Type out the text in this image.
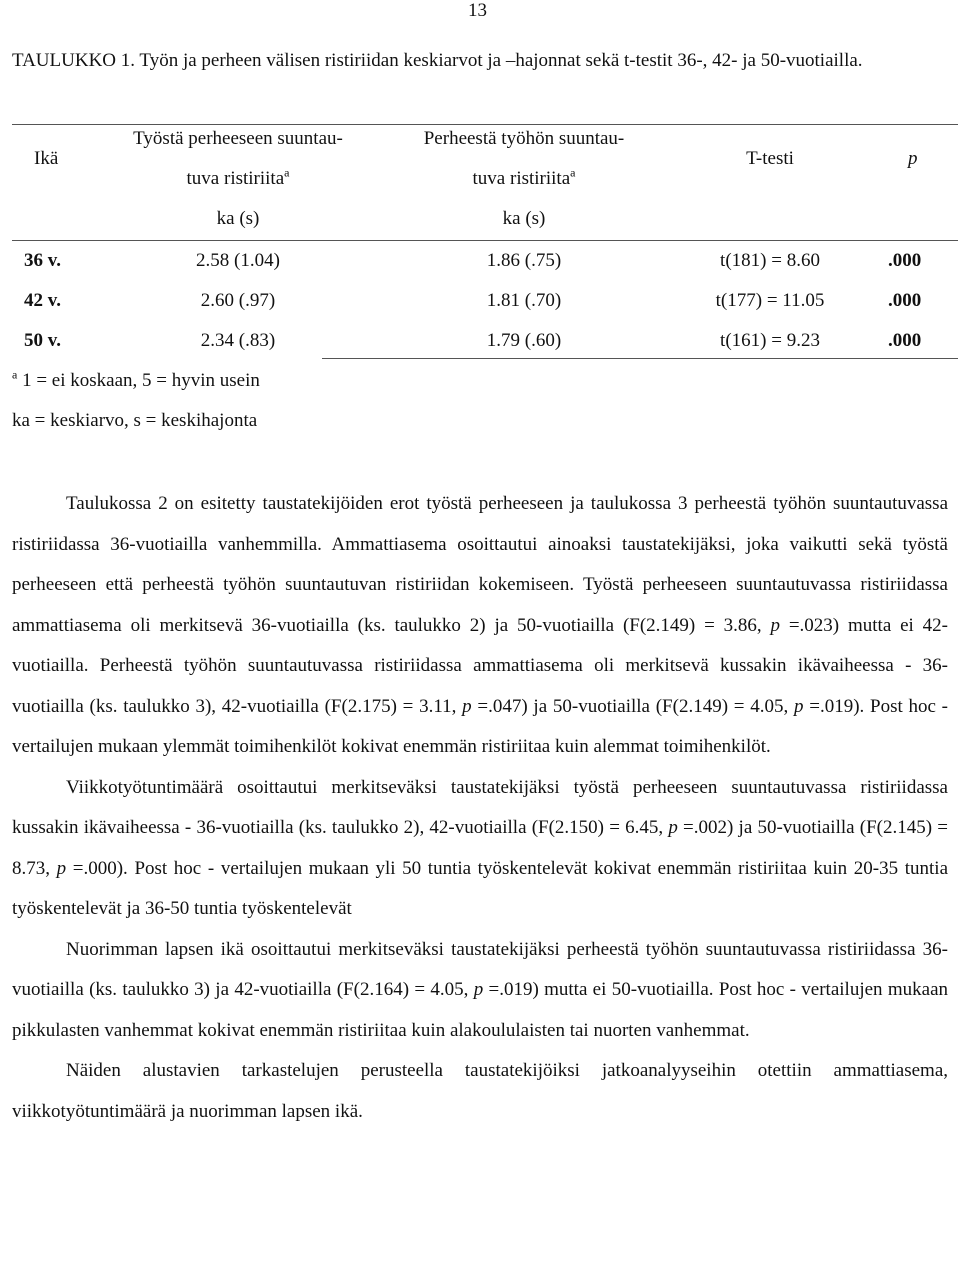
13
TAULUKKO 1. Työn ja perheen välisen ristiriidan keskiarvot ja –hajonnat sekä t-testit 36-, 42- ja 50-vuotiailla.
Ikä
Työstä perheeseen suuntau-
tuva ristiriita$^a$
ka (s)
Perheestä työhön suuntau-
tuva ristiriita$^a$
ka (s)
T-testi	p
36 v.	2.58 (1.04)	1.86 (.75)	t(181) = 8.60	.000
42 v.	2.60 (.97)	1.81 (.70)	t(177) = 11.05	.000
50 v.	2.34 (.83)	1.79 (.60)	t(161) = 9.23	.000
$^a$ 1 = ei koskaan, 5 = hyvin usein
ka = keskiarvo, s = keskihajonta

Taulukossa 2 on esitetty taustatekijöiden erot työstä perheeseen ja taulukossa 3 perheestä työhön suuntautuvassa ristiriidassa 36-vuotiailla vanhemmilla. Ammattiasema osoittautui ainoaksi taustatekijäksi, joka vaikutti sekä työstä perheeseen että perheestä työhön suuntautuvan ristiriidan kokemiseen. Työstä perheeseen suuntautuvassa ristiriidassa ammattiasema oli merkitsevä 36-vuotiailla (ks. taulukko 2) ja 50-vuotiailla (F(2.149) = 3.86, p =.023) mutta ei 42-vuotiailla. Perheestä työhön suuntautuvassa ristiriidassa ammattiasema oli merkitsevä kussakin ikävaiheessa - 36-vuotiailla (ks. taulukko 3), 42-vuotiailla (F(2.175) = 3.11, p =.047) ja 50-vuotiailla (F(2.149) = 4.05, p =.019). Post hoc - vertailujen mukaan ylemmät toimihenkilöt kokivat enemmän ristiriitaa kuin alemmat toimihenkilöt.

Viikkotyötuntimäärä osoittautui merkitseväksi taustatekijäksi työstä perheeseen suuntautuvassa ristiriidassa kussakin ikävaiheessa - 36-vuotiailla (ks. taulukko 2), 42-vuotiailla (F(2.150) = 6.45, p =.002) ja 50-vuotiailla (F(2.145) = 8.73, p =.000). Post hoc - vertailujen mukaan yli 50 tuntia työskentelevät kokivat enemmän ristiriitaa kuin 20-35 tuntia työskentelevät ja 36-50 tuntia työskentelevät

Nuorimman lapsen ikä osoittautui merkitseväksi taustatekijäksi perheestä työhön suuntautuvassa ristiriidassa 36-vuotiailla (ks. taulukko 3) ja 42-vuotiailla (F(2.164) = 4.05, p =.019) mutta ei 50-vuotiailla. Post hoc - vertailujen mukaan pikkulasten vanhemmat kokivat enemmän ristiriitaa kuin alakoululaisten tai nuorten vanhemmat.

Näiden alustavien tarkastelujen perusteella taustatekijöiksi jatkoanalyyseihin otettiin ammattiasema, viikkotyötuntimäärä ja nuorimman lapsen ikä.
